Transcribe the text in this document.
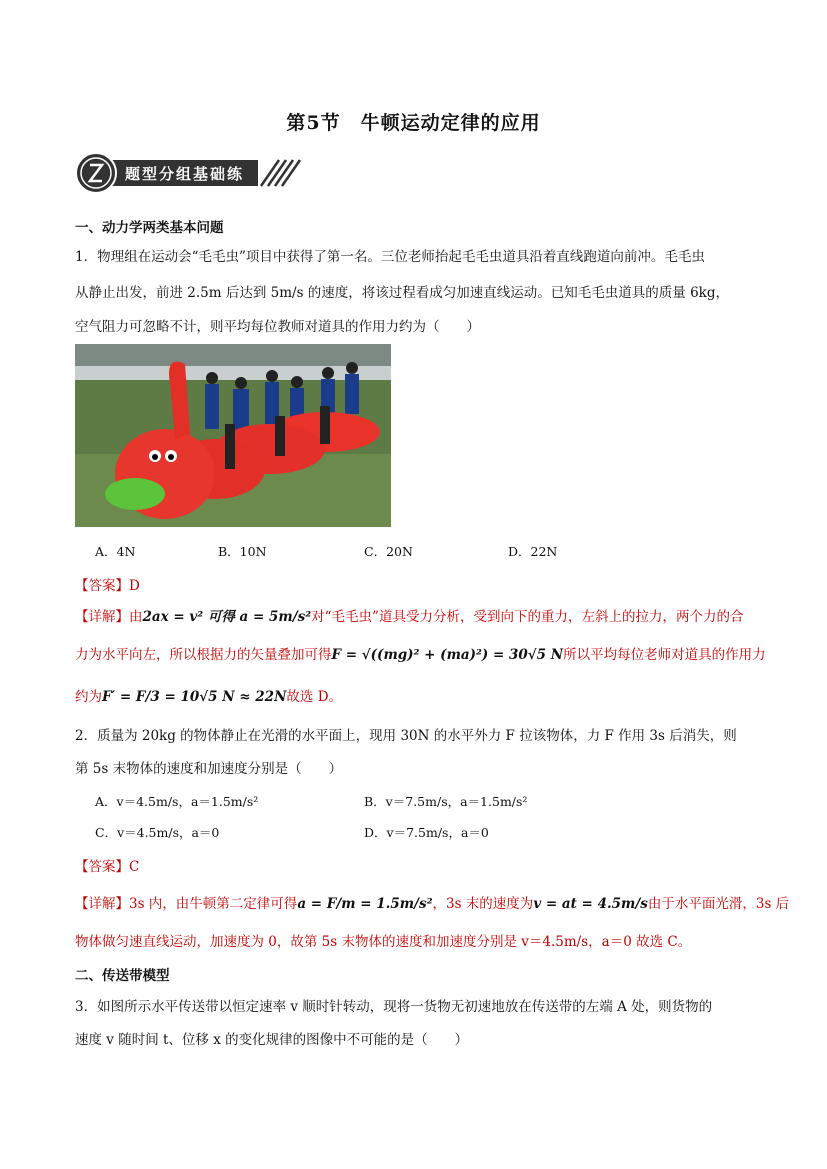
第5节　牛顿运动定律的应用
题型分组基础练
一、动力学两类基本问题
1．物理组在运动会“毛毛虫”项目中获得了第一名。三位老师抬起毛毛虫道具沿着直线跑道向前冲。毛毛虫
从静止出发，前进 2.5m 后达到 5m/s 的速度，将该过程看成匀加速直线运动。已知毛毛虫道具的质量 6kg，
空气阻力可忽略不计，则平均每位教师对道具的作用力约为（　　）
A．4N	B．10N	C．20N	D．22N
【答案】D
【详解】由2ax = v² 可得 a = 5m/s²对“毛毛虫”道具受力分析，受到向下的重力，左斜上的拉力，两个力的合
力为水平向左，所以根据力的矢量叠加可得F = √((mg)² + (ma)²) = 30√5 N所以平均每位老师对道具的作用力
约为F′ = F/3 = 10√5 N ≈ 22N故选 D。
2．质量为 20kg 的物体静止在光滑的水平面上，现用 30N 的水平外力 F 拉该物体，力 F 作用 3s 后消失，则
第 5s 末物体的速度和加速度分别是（　　）
A．v＝4.5m/s，a＝1.5m/s²	B．v＝7.5m/s，a＝1.5m/s²
C．v＝4.5m/s，a＝0	D．v＝7.5m/s，a＝0
【答案】C
【详解】3s 内，由牛顿第二定律可得a = F/m = 1.5m/s²，3s 末的速度为v = at = 4.5m/s由于水平面光滑，3s 后
物体做匀速直线运动，加速度为 0，故第 5s 末物体的速度和加速度分别是 v＝4.5m/s，a＝0 故选 C。
二、传送带模型
3．如图所示水平传送带以恒定速率 v 顺时针转动，现将一货物无初速地放在传送带的左端 A 处，则货物的
速度 v 随时间 t、位移 x 的变化规律的图像中不可能的是（　　）
